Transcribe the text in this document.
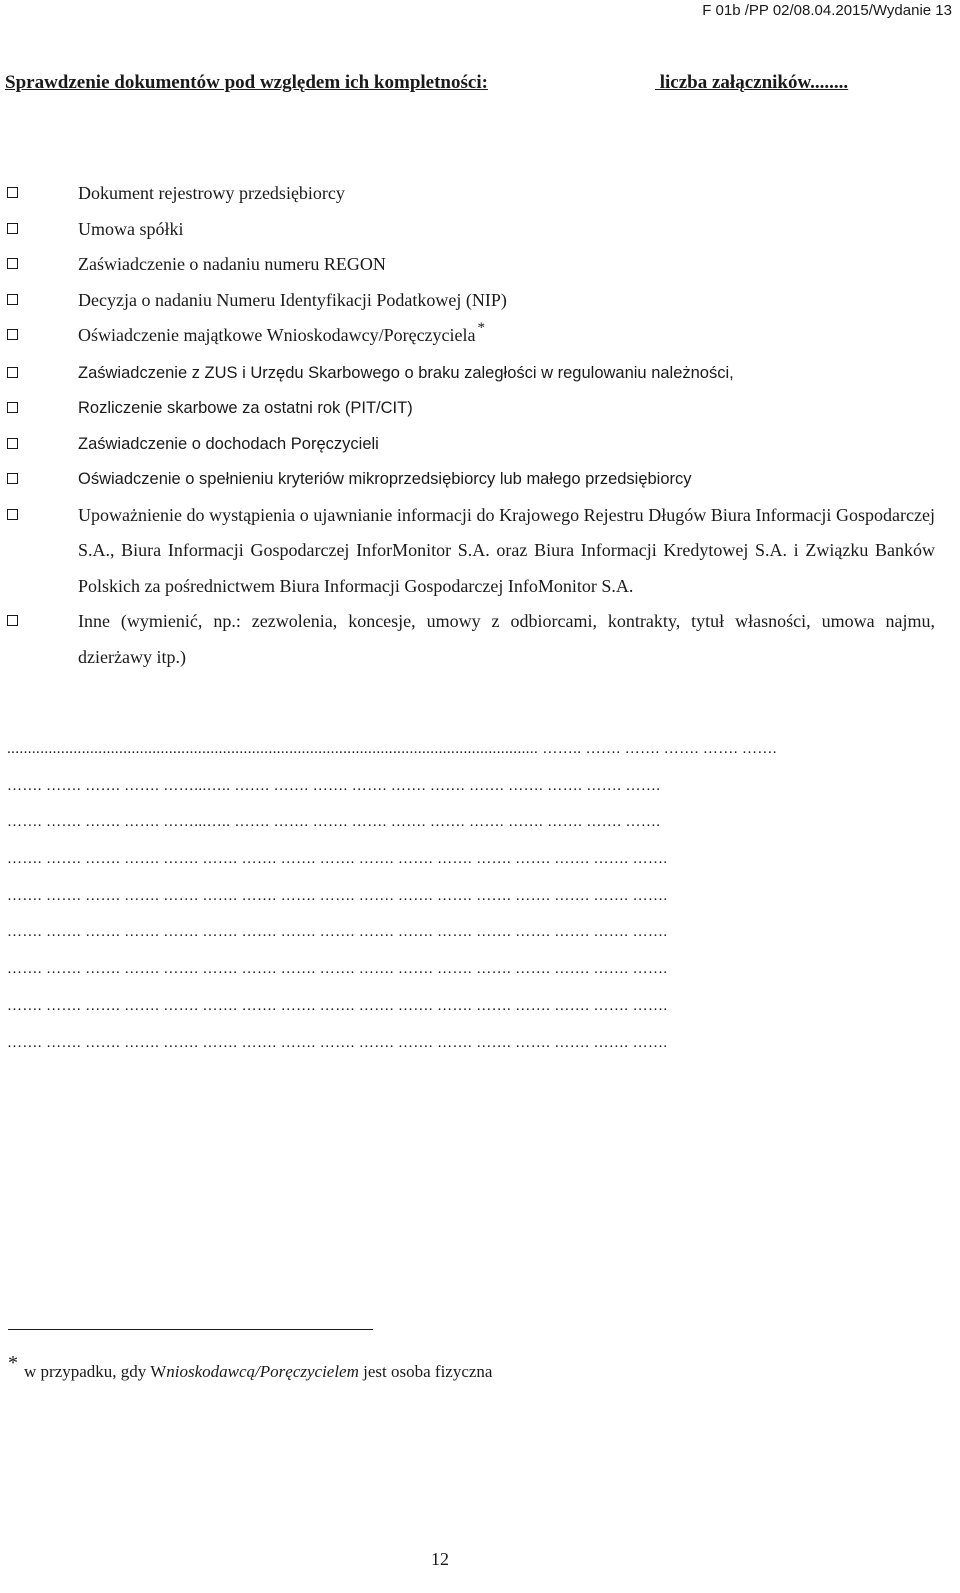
F 01b /PP 02/08.04.2015/Wydanie 13
Sprawdzenie dokumentów pod względem ich kompletności:	liczba załączników........
Dokument rejestrowy przedsiębiorcy
Umowa spółki
Zaświadczenie o nadaniu numeru REGON
Decyzja o nadaniu Numeru Identyfikacji Podatkowej (NIP)
Oświadczenie majątkowe Wnioskodawcy/Poręczyciela *
Zaświadczenie z ZUS i Urzędu Skarbowego o braku zaległości w regulowaniu należności,
Rozliczenie skarbowe za ostatni rok (PIT/CIT)
Zaświadczenie o dochodach Poręczycieli
Oświadczenie o spełnieniu kryteriów mikroprzedsiębiorcy lub małego przedsiębiorcy
Upoważnienie do wystąpienia o ujawnianie informacji do Krajowego Rejestru Długów Biura Informacji Gospodarczej S.A., Biura Informacji Gospodarczej InforMonitor S.A. oraz Biura Informacji Kredytowej S.A. i Związku Banków Polskich za pośrednictwem Biura Informacji Gospodarczej InfoMonitor S.A.
Inne (wymienić, np.: zezwolenia, koncesje, umowy z odbiorcami, kontrakty, tytuł własności, umowa najmu, dzierżawy itp.)
................................................................................................................................ …….. ……. ……. ……. ……. …….
……. ……. ……. ……. ……...….. ……. ……. ……. ……. ……. ……. ……. ……. ……. ……. …….
……. ……. ……. ……. ……...….. ……. ……. ……. ……. ……. ……. ……. ……. ……. ……. …….
……. ……. ……. ……. ……. ……. ……. ……. ……. ……. ……. ……. ……. ……. ……. ……. …….
……. ……. ……. ……. ……. ……. ……. ……. ……. ……. ……. ……. ……. ……. ……. ……. …….
……. ……. ……. ……. ……. ……. ……. ……. ……. ……. ……. ……. ……. ……. ……. ……. …….
……. ……. ……. ……. ……. ……. ……. ……. ……. ……. ……. ……. ……. ……. ……. ……. …….
……. ……. ……. ……. ……. ……. ……. ……. ……. ……. ……. ……. ……. ……. ……. ……. …….
……. ……. ……. ……. ……. ……. ……. ……. ……. ……. ……. ……. ……. ……. ……. ……. …….
* w przypadku, gdy Wnioskodawcą/Poręczycielem jest osoba fizyczna
12
